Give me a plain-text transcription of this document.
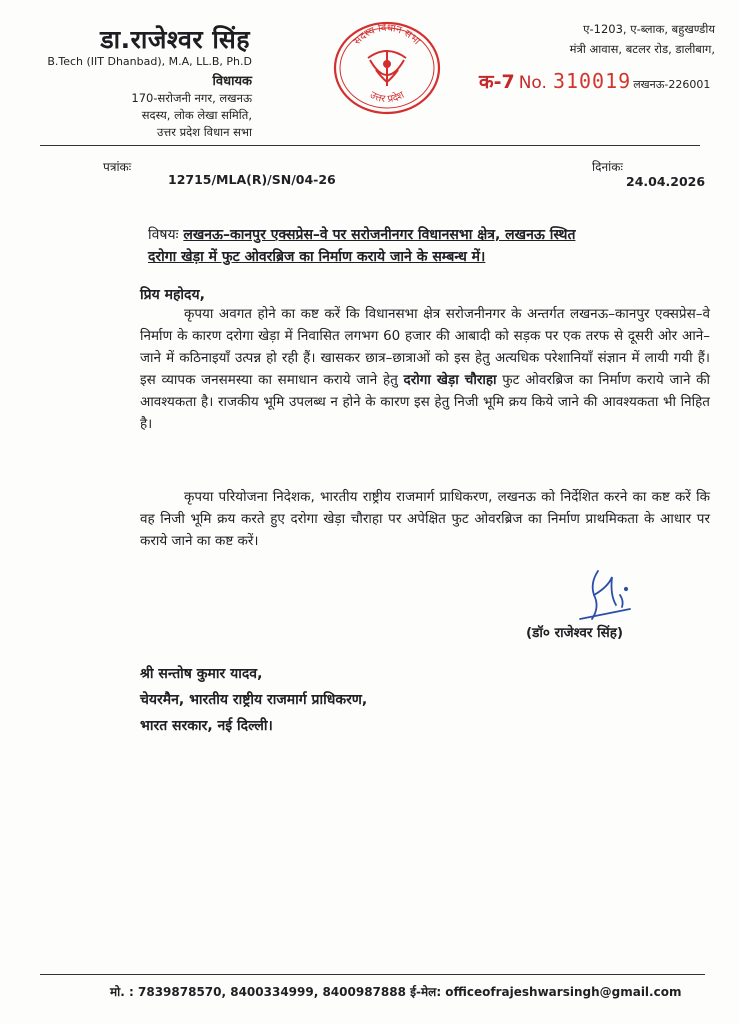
डा.राजेश्वर सिंह
B.Tech (IIT Dhanbad), M.A, LL.B, Ph.D
विधायक
170-सरोजनी नगर, लखनऊ
सदस्य, लोक लेखा समिति,
उत्तर प्रदेश विधान सभा
सदस्य विधान सभा
उत्तर प्रदेश
ए-1203, ए-ब्लाक, बहुखण्डीय
मंत्री आवास, बटलर रोड, डालीबाग,
क-7 No. 310019 लखनऊ-226001
पत्रांकः
12715/MLA(R)/SN/04-26
दिनांकः
24.04.2026
विषयः लखनऊ–कानपुर एक्सप्रेस–वे पर सरोजनीनगर विधानसभा क्षेत्र, लखनऊ स्थित
दरोगा खेड़ा में फुट ओवरब्रिज का निर्माण कराये जाने के सम्बन्ध में।
प्रिय महोदय,
कृपया अवगत होने का कष्ट करें कि विधानसभा क्षेत्र सरोजनीनगर के अन्तर्गत लखनऊ–कानपुर एक्सप्रेस–वे निर्माण के कारण दरोगा खेड़ा में निवासित लगभग 60 हजार की आबादी को सड़क पर एक तरफ से दूसरी ओर आने–जाने में कठिनाइयाँ उत्पन्न हो रही हैं। खासकर छात्र–छात्राओं को इस हेतु अत्यधिक परेशानियाँ संज्ञान में लायी गयी हैं। इस व्यापक जनसमस्या का समाधान कराये जाने हेतु दरोगा खेड़ा चौराहा फुट ओवरब्रिज का निर्माण कराये जाने की आवश्यकता है। राजकीय भूमि उपलब्ध न होने के कारण इस हेतु निजी भूमि क्रय किये जाने की आवश्यकता भी निहित है।
कृपया परियोजना निदेशक, भारतीय राष्ट्रीय राजमार्ग प्राधिकरण, लखनऊ को निर्देशित करने का कष्ट करें कि वह निजी भूमि क्रय करते हुए दरोगा खेड़ा चौराहा पर अपेक्षित फुट ओवरब्रिज का निर्माण प्राथमिकता के आधार पर कराये जाने का कष्ट करें।
(डॉ० राजेश्वर सिंह)
श्री सन्तोष कुमार यादव,
चेयरमैन, भारतीय राष्ट्रीय राजमार्ग प्राधिकरण,
भारत सरकार, नई दिल्ली।
मो. : 7839878570, 8400334999, 8400987888 ई-मेल: officeofrajeshwarsingh@gmail.com
